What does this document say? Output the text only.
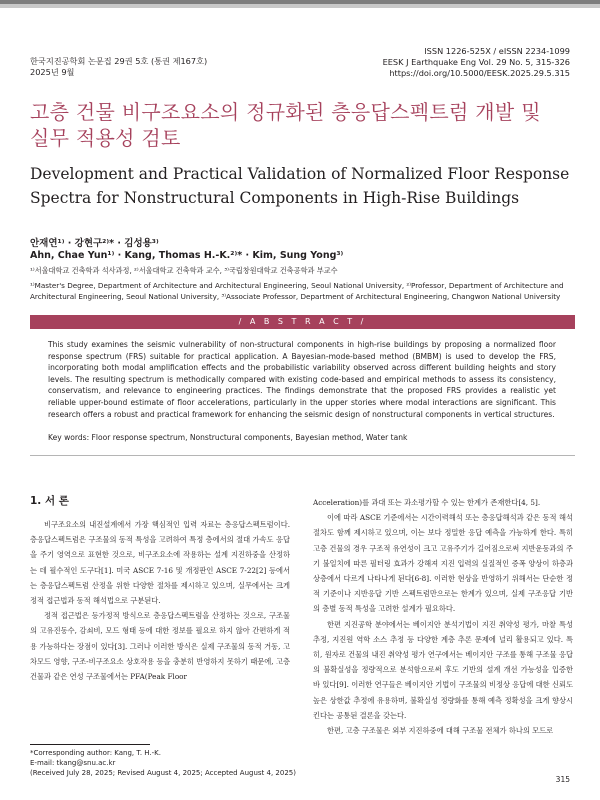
한국지진공학회 논문집 29권 5호 (통권 제167호)
2025년 9월
ISSN 1226-525X / eISSN 2234-1099
EESK J Earthquake Eng Vol. 29 No. 5, 315-326
https://doi.org/10.5000/EESK.2025.29.5.315
고층 건물 비구조요소의 정규화된 층응답스펙트럼 개발 및
실무 적용성 검토
Development and Practical Validation of Normalized Floor Response
Spectra for Nonstructural Components in High-Rise Buildings
안재연¹⁾ · 강현구²⁾* · 김성용³⁾
Ahn, Chae Yun¹⁾ · Kang, Thomas H.-K.²⁾* · Kim, Sung Yong³⁾
¹⁾서울대학교 건축학과 석사과정, ²⁾서울대학교 건축학과 교수, ³⁾국립창원대학교 건축공학과 부교수
¹⁾Master's Degree, Department of Architecture and Architectural Engineering, Seoul National University, ²⁾Professor, Department of Architecture and Architectural Engineering, Seoul National University, ³⁾Associate Professor, Department of Architectural Engineering, Changwon National University
/ A B S T R A C T /
This study examines the seismic vulnerability of non-structural components in high-rise buildings by proposing a normalized floor response spectrum (FRS) suitable for practical application. A Bayesian-mode-based method (BMBM) is used to develop the FRS, incorporating both modal amplification effects and the probabilistic variability observed across different building heights and story levels. The resulting spectrum is methodically compared with existing code-based and empirical methods to assess its consistency, conservatism, and relevance to engineering practices. The findings demonstrate that the proposed FRS provides a realistic yet reliable upper-bound estimate of floor accelerations, particularly in the upper stories where modal interactions are significant. This research offers a robust and practical framework for enhancing the seismic design of nonstructural components in vertical structures.
Key words: Floor response spectrum, Nonstructural components, Bayesian method, Water tank
1. 서 론

비구조요소의 내진설계에서 가장 핵심적인 입력 자료는 층응답스펙트럼이다. 층응답스펙트럼은 구조물의 동적 특성을 고려하여 특정 층에서의 절대 가속도 응답을 주기 영역으로 표현한 것으로, 비구조요소에 작용하는 설계 지진하중을 산정하는 데 필수적인 도구다[1]. 미국 ASCE 7-16 및 개정판인 ASCE 7-22[2] 등에서는 층응답스펙트럼 산정을 위한 다양한 절차를 제시하고 있으며, 실무에서는 크게 정적 접근법과 동적 해석법으로 구분된다.

정적 접근법은 등가정적 방식으로 층응답스펙트럼을 산정하는 것으로, 구조물의 고유진동수, 감쇠비, 모드 형태 등에 대한 정보를 필요로 하지 않아 간편하게 적용 가능하다는 장점이 있다[3]. 그러나 이러한 방식은 실제 구조물의 동적 거동, 고차모드 영향, 구조-비구조요소 상호작용 등을 충분히 반영하지 못하기 때문에, 고층 건물과 같은 연성 구조물에서는 PFA(Peak Floor

Acceleration)를 과대 또는 과소평가할 수 있는 한계가 존재한다[4, 5].

이에 따라 ASCE 기준에서는 시간이력해석 또는 층응답해석과 같은 동적 해석 절차도 함께 제시하고 있으며, 이는 보다 정밀한 응답 예측을 가능하게 한다. 특히 고층 건물의 경우 구조적 유연성이 크고 고유주기가 길어짐으로써 지반운동과의 주기 불일치에 따른 필터링 효과가 강해져 지진 입력의 실질적인 증폭 양상이 하층과 상층에서 다르게 나타나게 된다[6-8]. 이러한 현상을 반영하기 위해서는 단순한 정적 기준이나 지반응답 기반 스펙트럼만으로는 한계가 있으며, 실제 구조응답 기반의 층별 동적 특성을 고려한 설계가 필요하다.

한편 지진공학 분야에서는 베이지안 분석기법이 지진 취약성 평가, 마찰 특성추정, 지진원 역학 소스 추정 등 다양한 계층 추론 문제에 널리 활용되고 있다. 특히, 원자로 건물의 내진 취약성 평가 연구에서는 베이지안 구조를 통해 구조물 응답의 불확실성을 정량적으로 분석함으로써 후도 기반의 설계 개선 가능성을 입증한 바 있다[9]. 이러한 연구들은 베이지안 기법이 구조물의 비정상 응답에 대한 신뢰도 높은 상한값 추정에 유용하며, 불확실성 정량화를 통해 예측 정확성을 크게 향상시킨다는 공통된 결론을 갖는다.

한편, 고층 구조물은 외부 지진하중에 대해 구조물 전체가 하나의 모드로

*Corresponding author: Kang, T. H.-K.
E-mail: tkang@snu.ac.kr
(Received July 28, 2025; Revised August 4, 2025; Accepted August 4, 2025)
315
